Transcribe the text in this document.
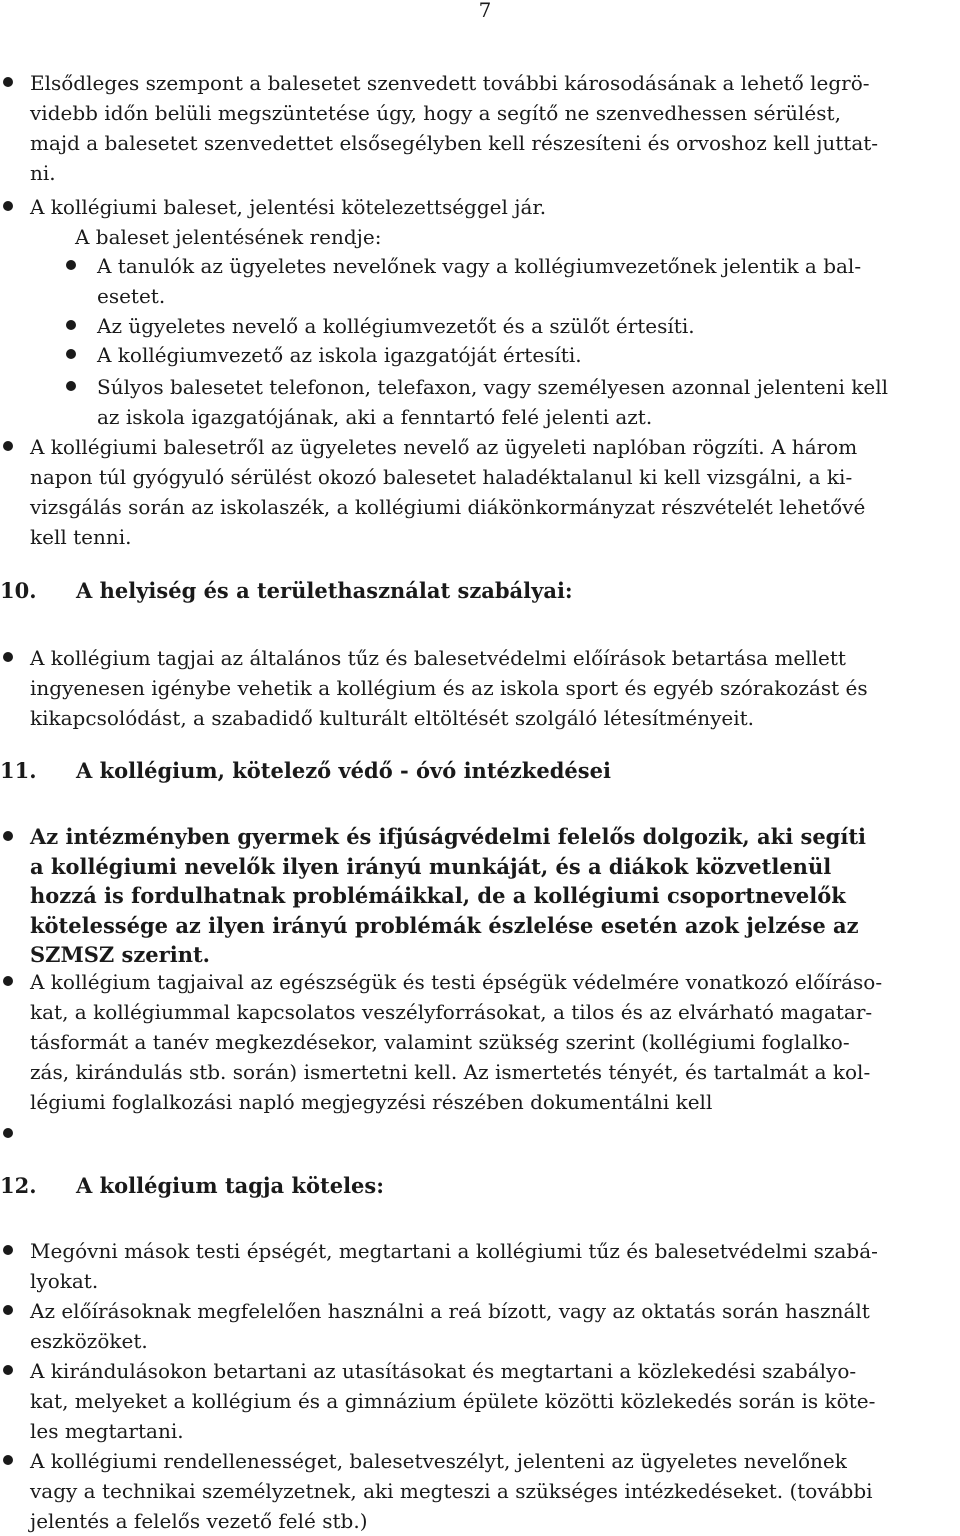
7
Elsődleges szempont a balesetet szenvedett további károsodásának a lehető legrö-
videbb időn belüli megszüntetése úgy, hogy a segítő ne szenvedhessen sérülést,
majd a balesetet szenvedettet elsősegélyben kell részesíteni és orvoshoz kell juttat-
ni.
A kollégiumi baleset, jelentési kötelezettséggel jár.
A baleset jelentésének rendje:
A tanulók az ügyeletes nevelőnek vagy a kollégiumvezetőnek jelentik a bal-
esetet.
Az ügyeletes nevelő a kollégiumvezetőt és a szülőt értesíti.
A kollégiumvezető az iskola igazgatóját értesíti.
Súlyos balesetet telefonon, telefaxon, vagy személyesen azonnal jelenteni kell
az iskola igazgatójának, aki a fenntartó felé jelenti azt.
A kollégiumi balesetről az ügyeletes nevelő az ügyeleti naplóban rögzíti. A három
napon túl gyógyuló sérülést okozó balesetet haladéktalanul ki kell vizsgálni, a ki-
vizsgálás során az iskolaszék, a kollégiumi diákönkormányzat részvételét lehetővé
kell tenni.
10. A helyiség és a területhasználat szabályai:
A kollégium tagjai az általános tűz és balesetvédelmi előírások betartása mellett
ingyenesen igénybe vehetik a kollégium és az iskola sport és egyéb szórakozást és
kikapcsolódást, a szabadidő kulturált eltöltését szolgáló létesítményeit.
11. A kollégium, kötelező védő - óvó intézkedései
Az intézményben gyermek és ifjúságvédelmi felelős dolgozik, aki segíti
a kollégiumi nevelők ilyen irányú munkáját, és a diákok közvetlenül
hozzá is fordulhatnak problémáikkal, de a kollégiumi csoportnevelők
kötelessége az ilyen irányú problémák észlelése esetén azok jelzése az
SZMSZ szerint.
A kollégium tagjaival az egészségük és testi épségük védelmére vonatkozó előíráso-
kat, a kollégiummal kapcsolatos veszélyforrásokat, a tilos és az elvárható magatar-
tásformát a tanév megkezdésekor, valamint szükség szerint (kollégiumi foglalko-
zás, kirándulás stb. során) ismertetni kell. Az ismertetés tényét, és tartalmát a kol-
légiumi foglalkozási napló megjegyzési részében dokumentálni kell
12. A kollégium tagja köteles:
Megóvni mások testi épségét, megtartani a kollégiumi tűz és balesetvédelmi szabá-
lyokat.
Az előírásoknak megfelelően használni a reá bízott, vagy az oktatás során használt
eszközöket.
A kirándulásokon betartani az utasításokat és megtartani a közlekedési szabályo-
kat, melyeket a kollégium és a gimnázium épülete közötti közlekedés során is köte-
les megtartani.
A kollégiumi rendellenességet, balesetveszélyt, jelenteni az ügyeletes nevelőnek
vagy a technikai személyzetnek, aki megteszi a szükséges intézkedéseket. (további
jelentés a felelős vezető felé stb.)
